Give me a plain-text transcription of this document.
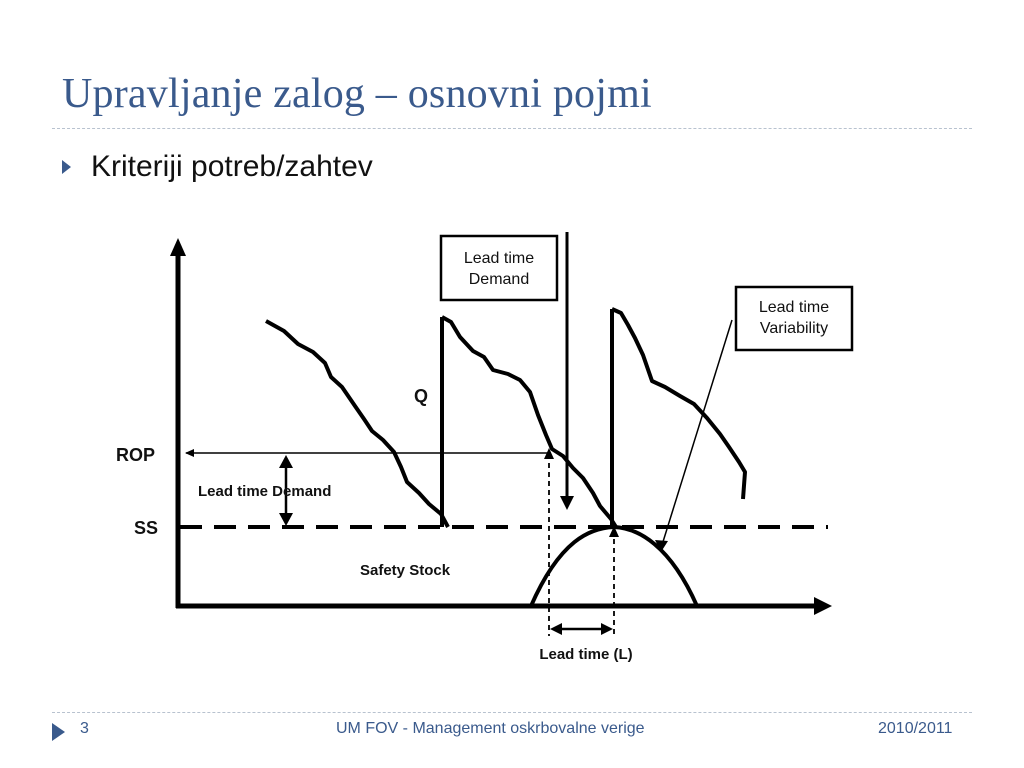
Upravljanje zalog – osnovni pojmi
Kriteriji potreb/zahtev
Lead time
Demand
Lead time
Variability
ROP
SS
Q
Lead time Demand
Safety Stock
Lead time (L)
3	UM FOV - Management oskrbovalne verige	2010/2011
